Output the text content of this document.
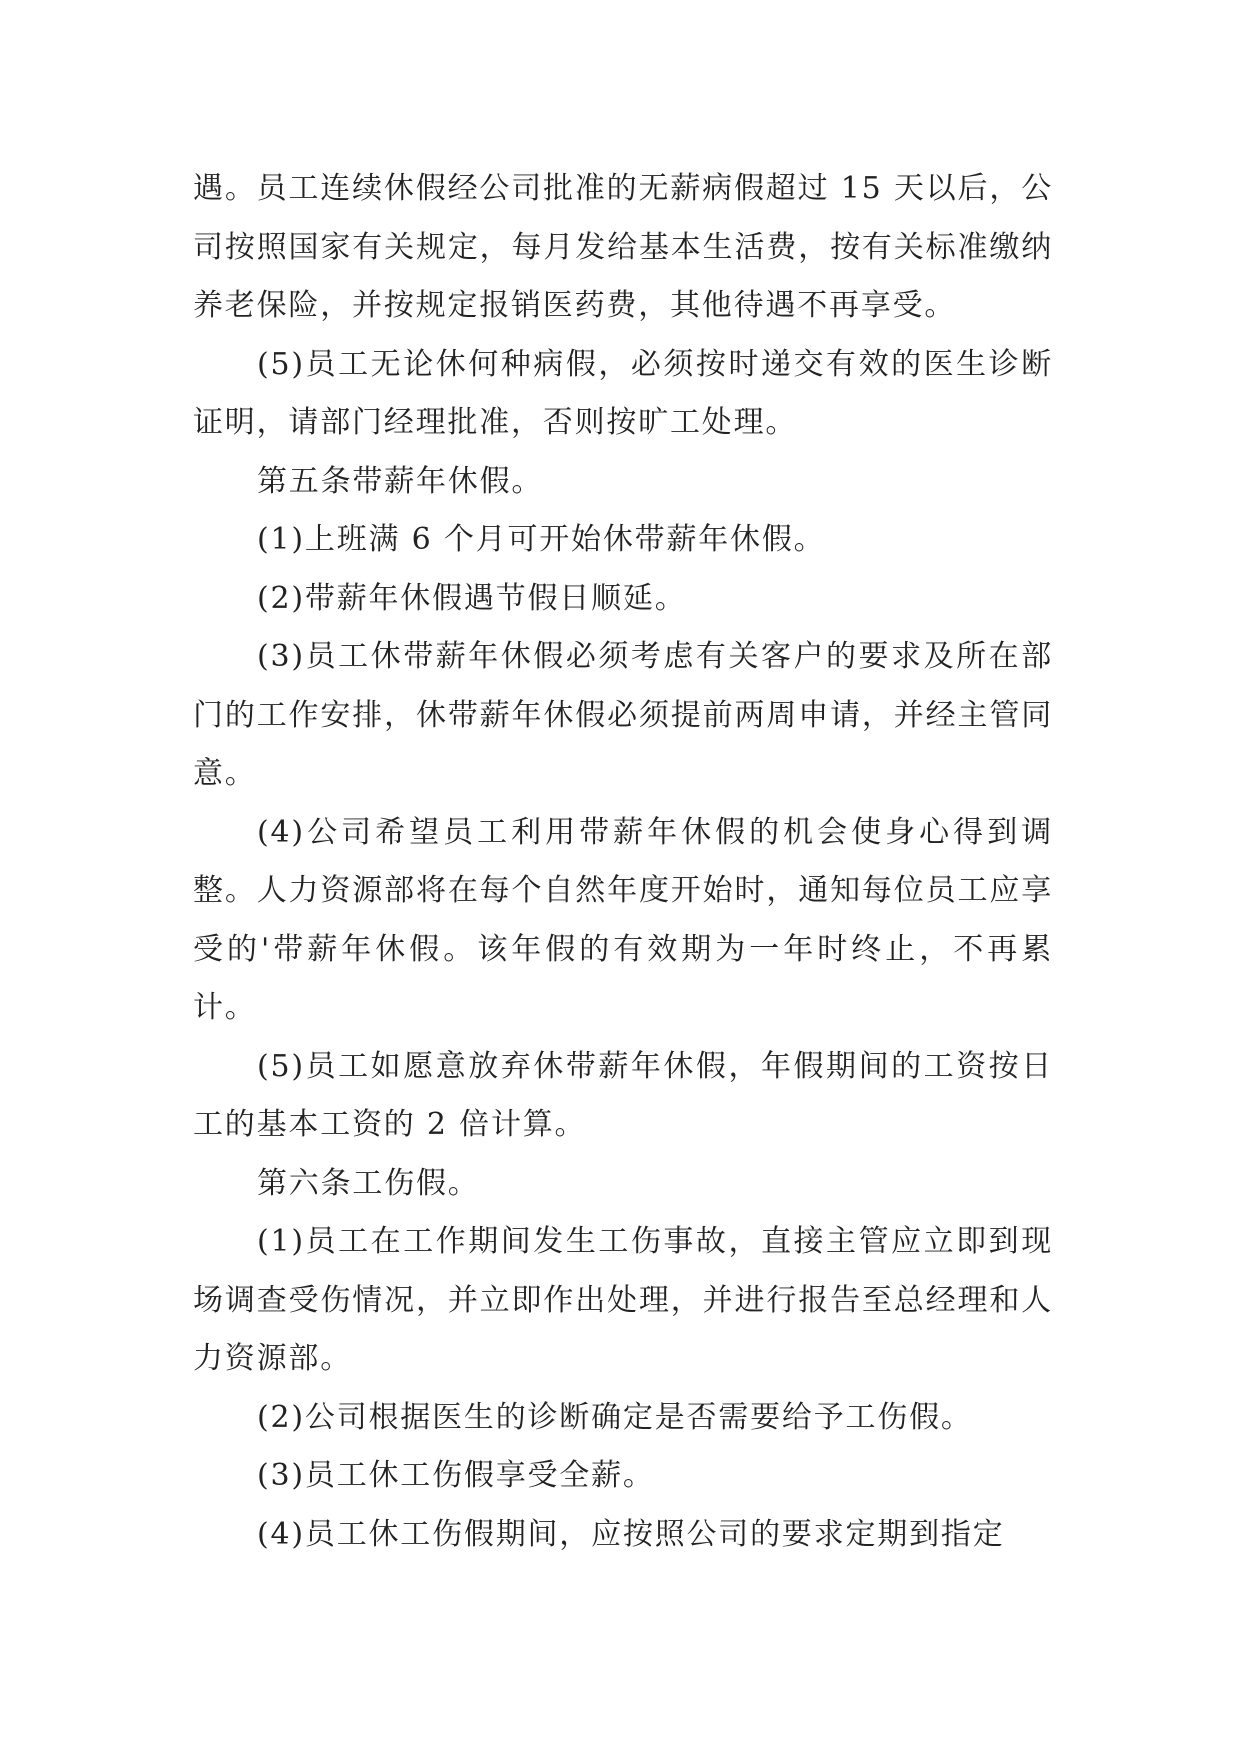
遇。员工连续休假经公司批准的无薪病假超过 15 天以后，公司按照国家有关规定，每月发给基本生活费，按有关标准缴纳养老保险，并按规定报销医药费，其他待遇不再享受。

(5)员工无论休何种病假，必须按时递交有效的医生诊断证明，请部门经理批准，否则按旷工处理。

第五条带薪年休假。

(1)上班满 6 个月可开始休带薪年休假。

(2)带薪年休假遇节假日顺延。

(3)员工休带薪年休假必须考虑有关客户的要求及所在部门的工作安排，休带薪年休假必须提前两周申请，并经主管同意。

(4)公司希望员工利用带薪年休假的机会使身心得到调整。人力资源部将在每个自然年度开始时，通知每位员工应享受的'带薪年休假。该年假的有效期为一年时终止，不再累计。

(5)员工如愿意放弃休带薪年休假，年假期间的工资按日工的基本工资的 2 倍计算。

第六条工伤假。

(1)员工在工作期间发生工伤事故，直接主管应立即到现场调查受伤情况，并立即作出处理，并进行报告至总经理和人力资源部。

(2)公司根据医生的诊断确定是否需要给予工伤假。

(3)员工休工伤假享受全薪。

(4)员工休工伤假期间，应按照公司的要求定期到指定
